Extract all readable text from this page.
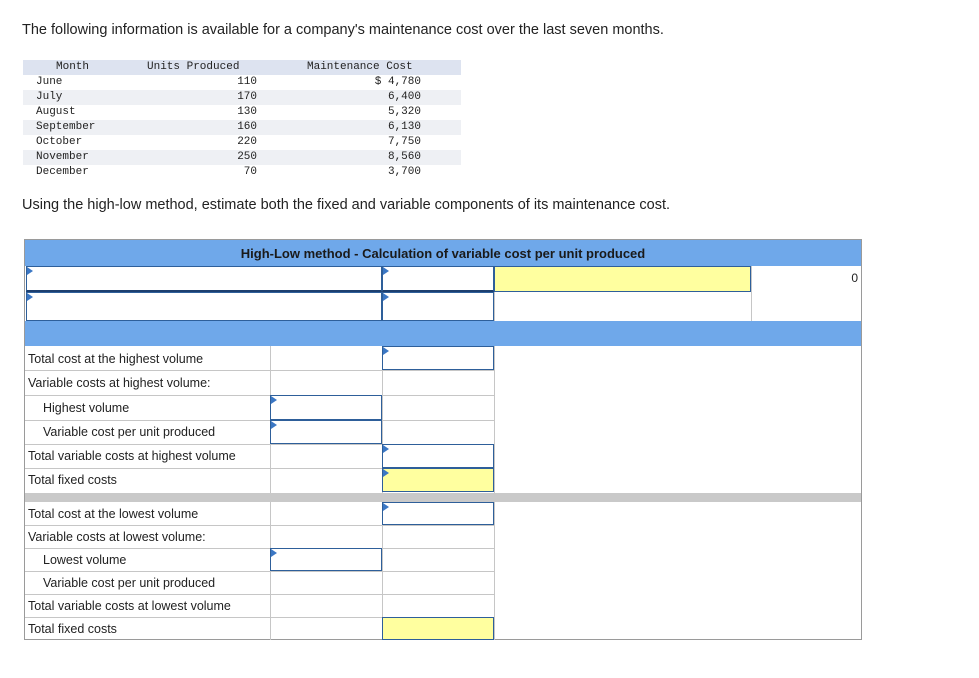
The following information is available for a company's maintenance cost over the last seven months.
Month	Units Produced	Maintenance Cost
June	110	$ 4,780
July	170	6,400
August	130	5,320
September	160	6,130
October	220	7,750
November	250	8,560
December	70	3,700
Using the high-low method, estimate both the fixed and variable components of its maintenance cost.
High-Low method - Calculation of variable cost per unit produced
0
Total cost at the highest volume
Variable costs at highest volume:
Highest volume
Variable cost per unit produced
Total variable costs at highest volume
Total fixed costs
Total cost at the lowest volume
Variable costs at lowest volume:
Lowest volume
Variable cost per unit produced
Total variable costs at lowest volume
Total fixed costs
